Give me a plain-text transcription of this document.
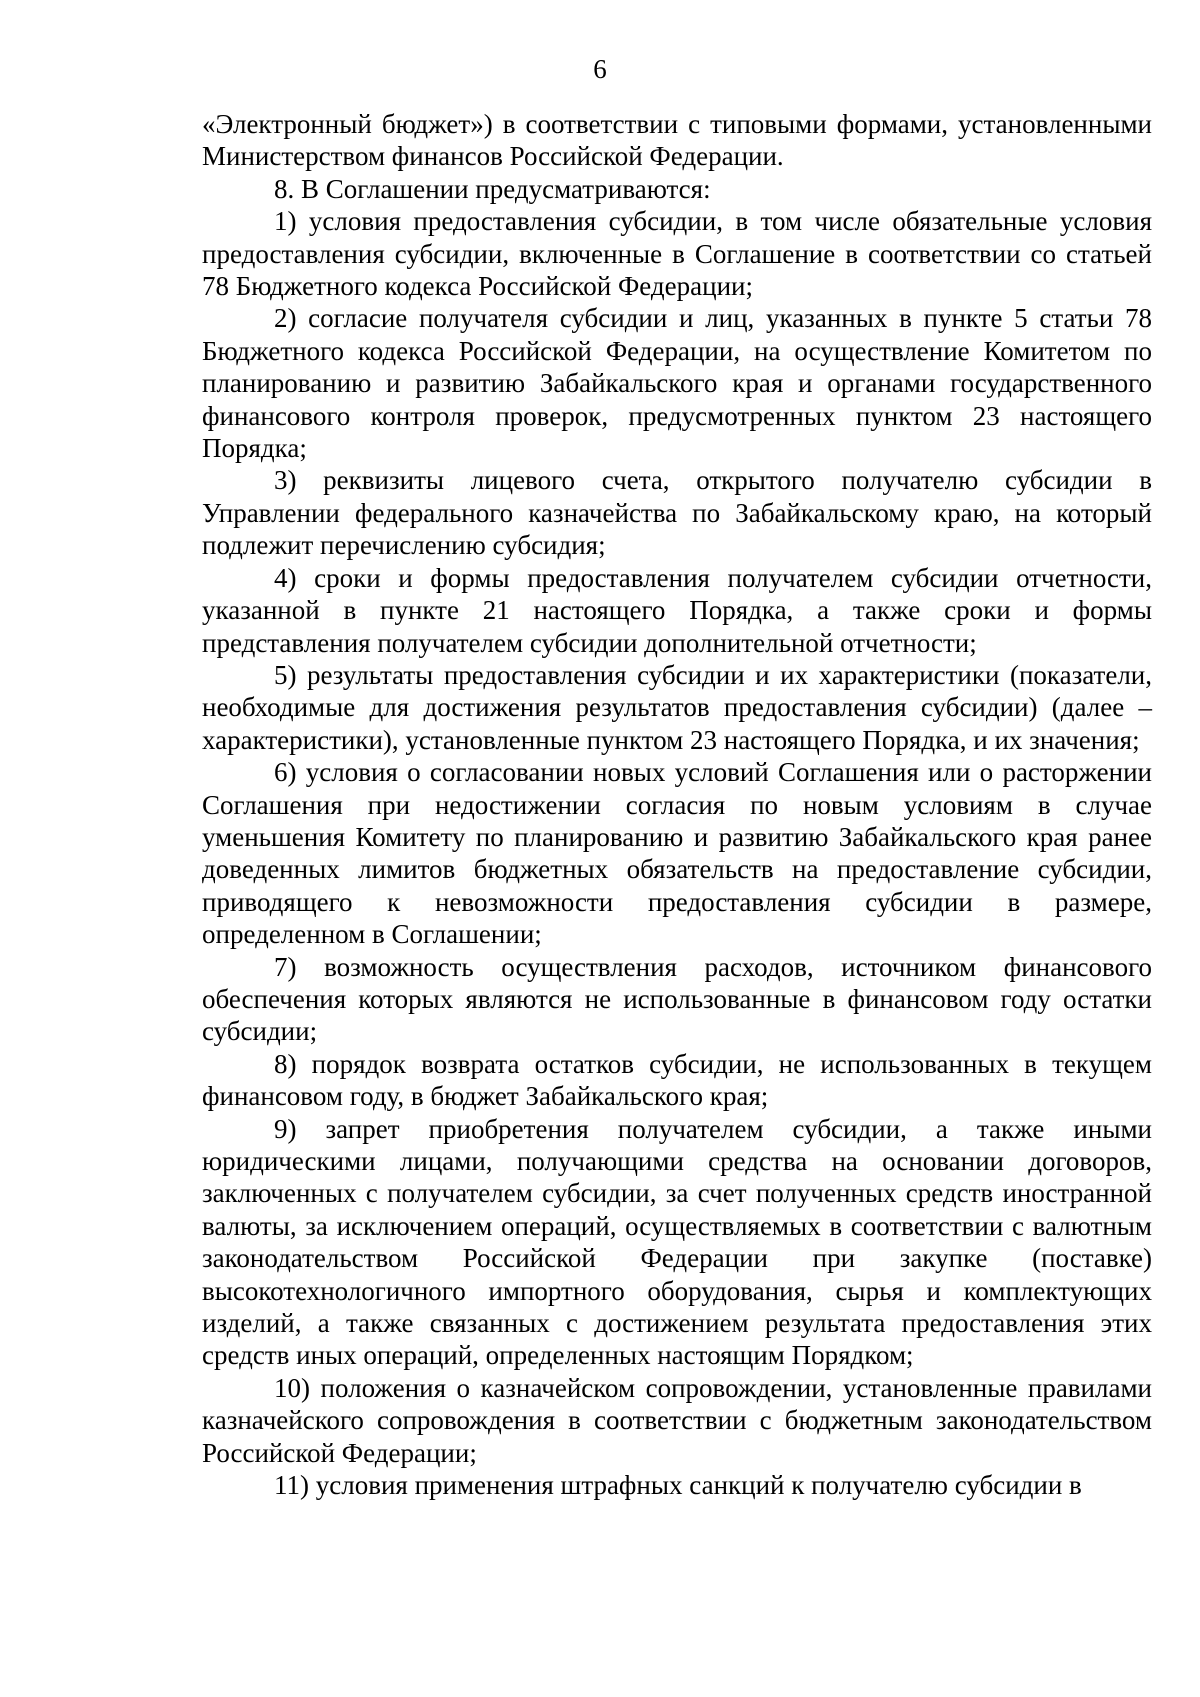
6

«Электронный бюджет») в соответствии с типовыми формами, установленными Министерством финансов Российской Федерации.

8. В Соглашении предусматриваются:

1) условия предоставления субсидии, в том числе обязательные условия предоставления субсидии, включенные в Соглашение в соответствии со статьей 78 Бюджетного кодекса Российской Федерации;

2) согласие получателя субсидии и лиц, указанных в пункте 5 статьи 78 Бюджетного кодекса Российской Федерации, на осуществление Комитетом по планированию и развитию Забайкальского края и органами государственного финансового контроля проверок, предусмотренных пунктом 23 настоящего Порядка;

3) реквизиты лицевого счета, открытого получателю субсидии в Управлении федерального казначейства по Забайкальскому краю, на который подлежит перечислению субсидия;

4) сроки и формы предоставления получателем субсидии отчетности, указанной в пункте 21 настоящего Порядка, а также сроки и формы представления получателем субсидии дополнительной отчетности;

5) результаты предоставления субсидии и их характеристики (показатели, необходимые для достижения результатов предоставления субсидии) (далее – характеристики), установленные пунктом 23 настоящего Порядка, и их значения;

6) условия о согласовании новых условий Соглашения или о расторжении Соглашения при недостижении согласия по новым условиям в случае уменьшения Комитету по планированию и развитию Забайкальского края ранее доведенных лимитов бюджетных обязательств на предоставление субсидии, приводящего к невозможности предоставления субсидии в размере, определенном в Соглашении;

7) возможность осуществления расходов, источником финансового обеспечения которых являются не использованные в финансовом году остатки субсидии;

8) порядок возврата остатков субсидии, не использованных в текущем финансовом году, в бюджет Забайкальского края;

9) запрет приобретения получателем субсидии, а также иными юридическими лицами, получающими средства на основании договоров, заключенных с получателем субсидии, за счет полученных средств иностранной валюты, за исключением операций, осуществляемых в соответствии с валютным законодательством Российской Федерации при закупке (поставке) высокотехнологичного импортного оборудования, сырья и комплектующих изделий, а также связанных с достижением результата предоставления этих средств иных операций, определенных настоящим Порядком;

10) положения о казначейском сопровождении, установленные правилами казначейского сопровождения в соответствии с бюджетным законодательством Российской Федерации;

11) условия применения штрафных санкций к получателю субсидии в
